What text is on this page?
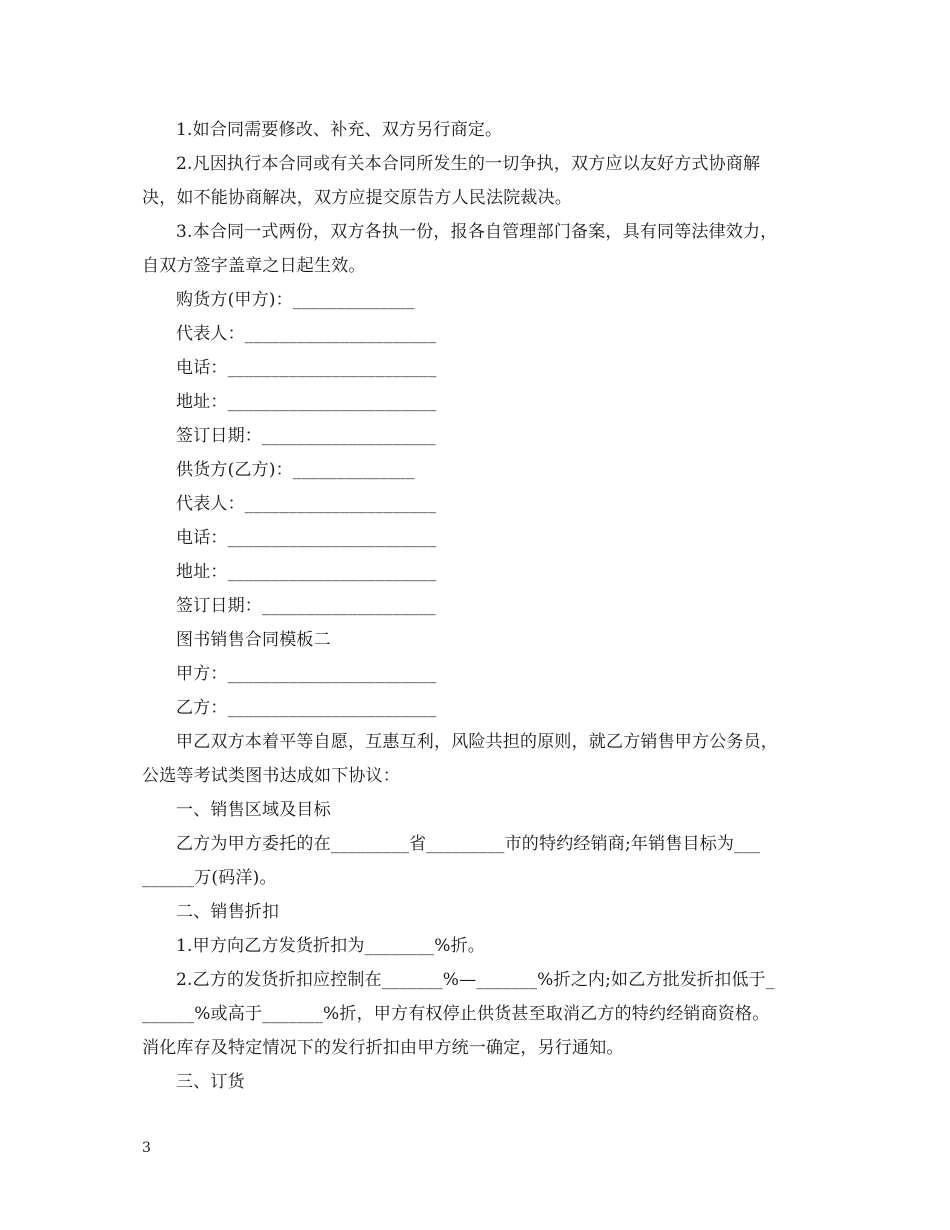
1.如合同需要修改、补充、双方另行商定。
2.凡因执行本合同或有关本合同所发生的一切争执，双方应以友好方式协商解
决，如不能协商解决，双方应提交原告方人民法院裁决。
3.本合同一式两份，双方各执一份，报各自管理部门备案，具有同等法律效力，
自双方签字盖章之日起生效。
购货方(甲方)：______________
代表人：______________________
电话：________________________
地址：________________________
签订日期：____________________
供货方(乙方)：______________
代表人：______________________
电话：________________________
地址：________________________
签订日期：____________________
图书销售合同模板二
甲方：________________________
乙方：________________________
甲乙双方本着平等自愿，互惠互利，风险共担的原则，就乙方销售甲方公务员，
公选等考试类图书达成如下协议：
一、销售区域及目标
乙方为甲方委托的在_________省_________市的特约经销商;年销售目标为___
______万(码洋)。
二、销售折扣
1.甲方向乙方发货折扣为________%折。
2.乙方的发货折扣应控制在_______%—_______%折之内;如乙方批发折扣低于_
______%或高于_______%折，甲方有权停止供货甚至取消乙方的特约经销商资格。
消化库存及特定情况下的发行折扣由甲方统一确定，另行通知。
三、订货
3
